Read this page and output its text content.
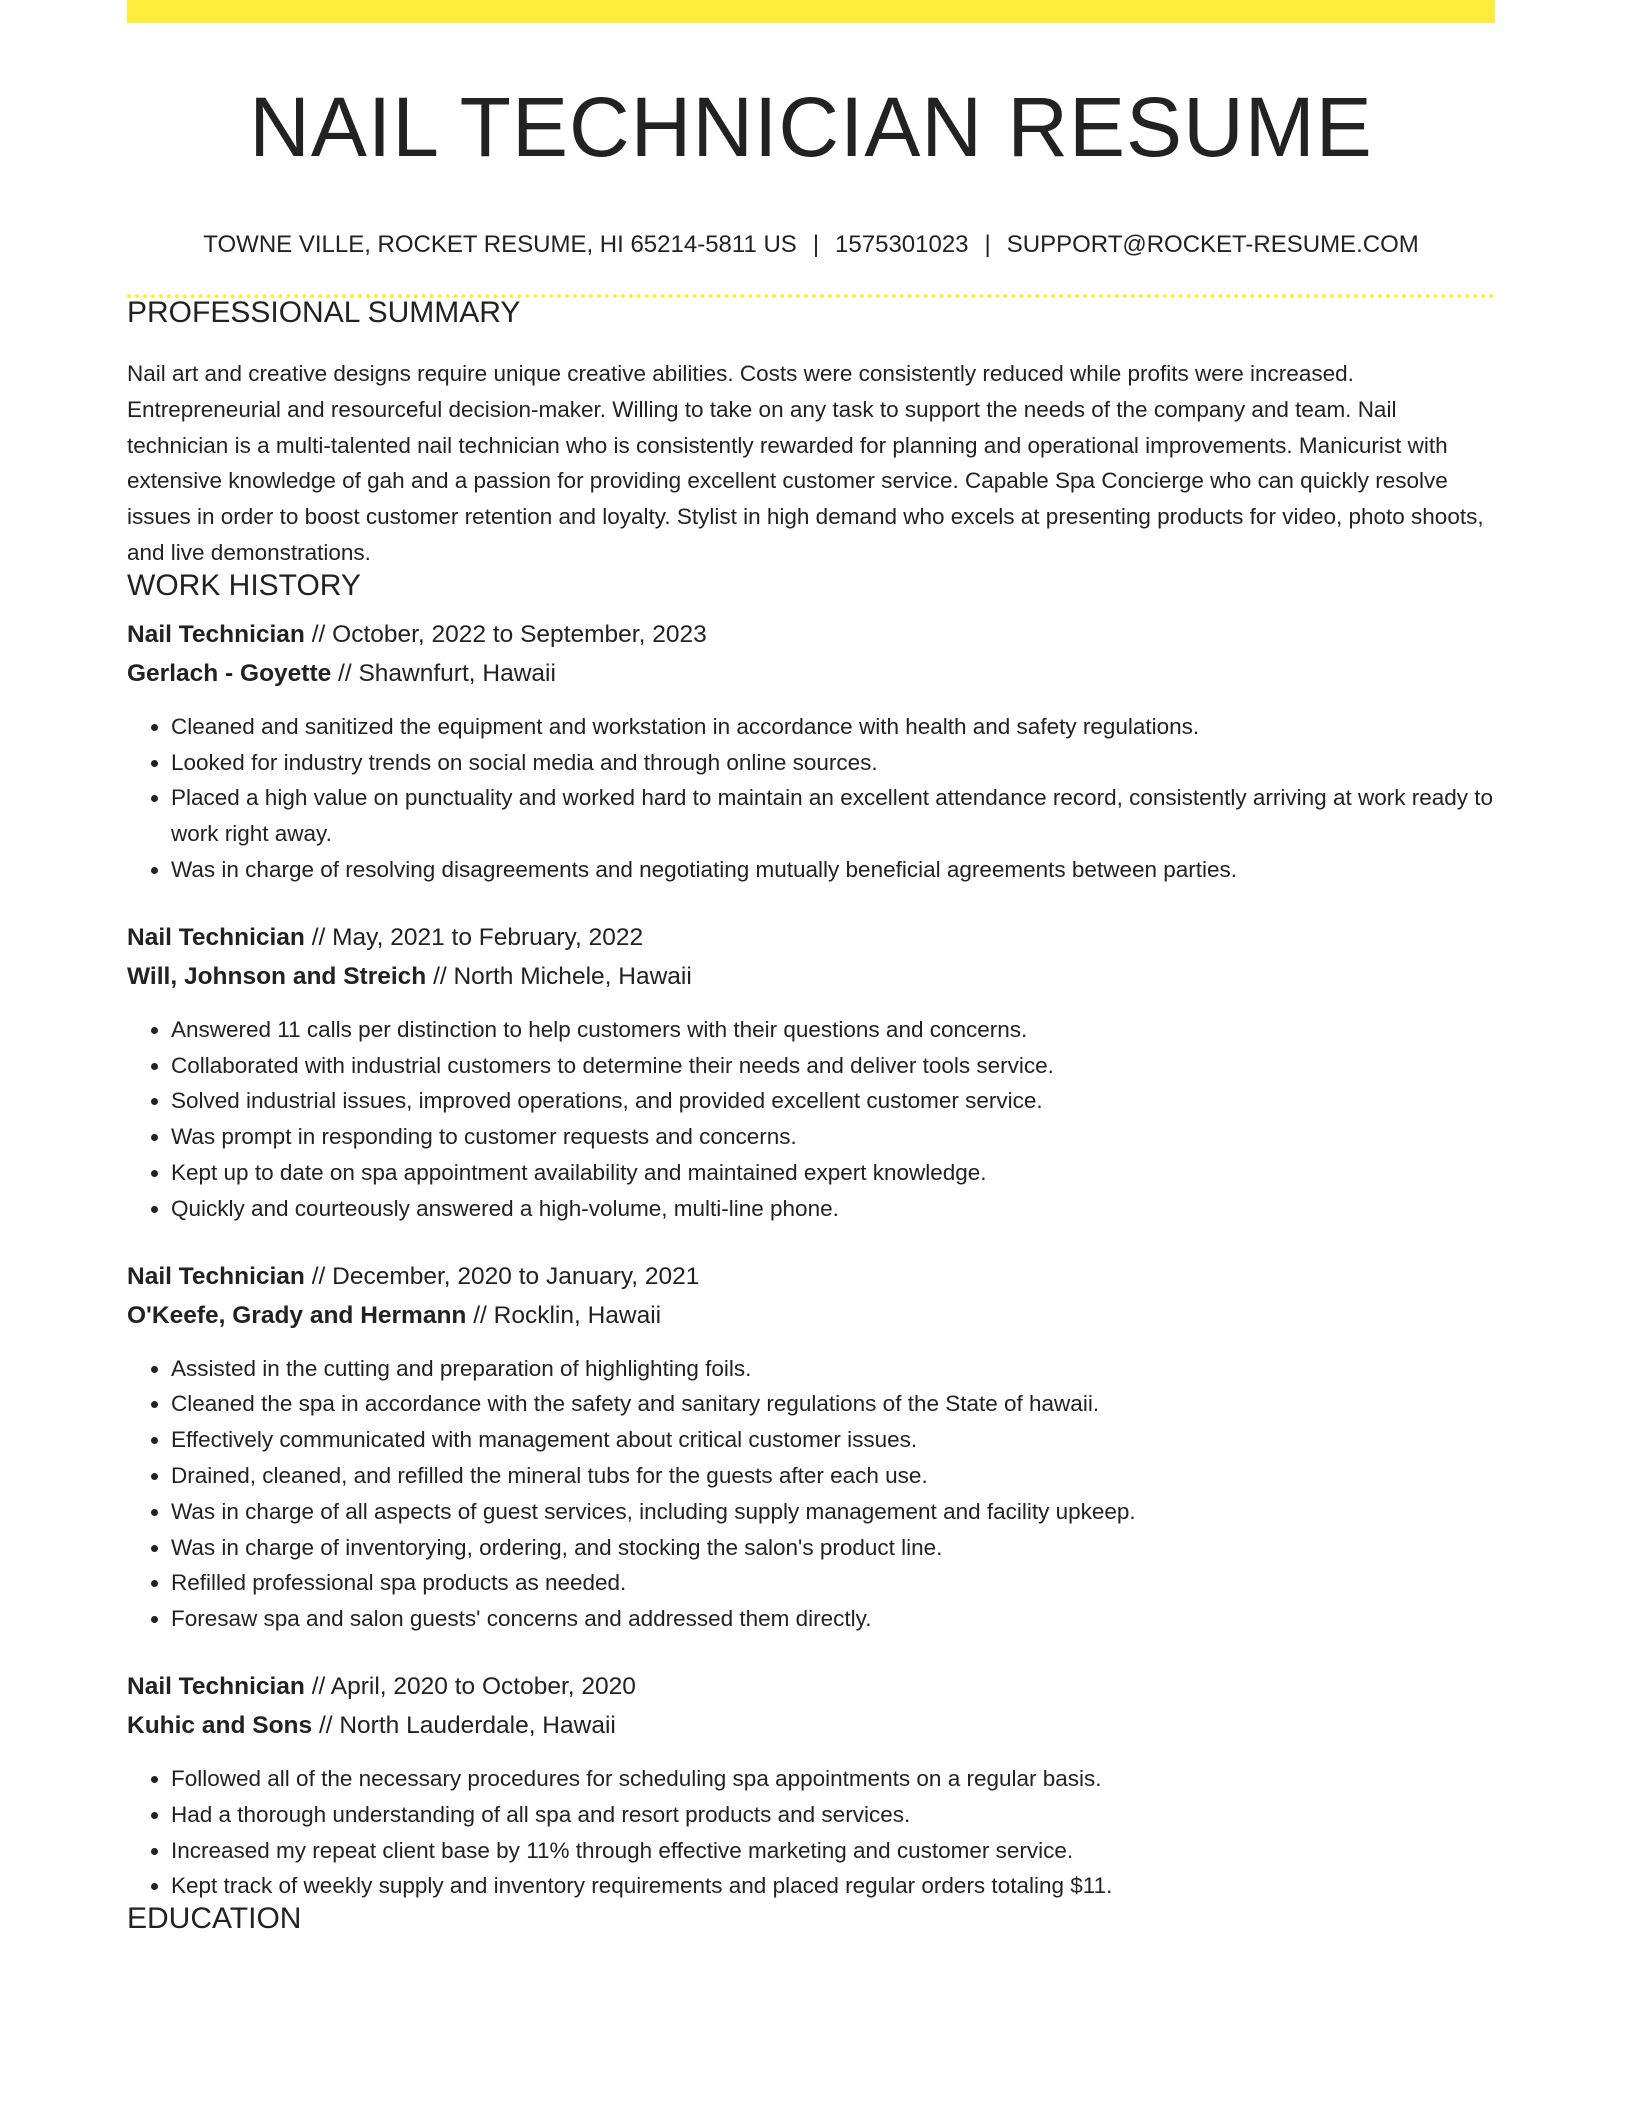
NAIL TECHNICIAN RESUME
TOWNE VILLE, ROCKET RESUME, HI 65214-5811 US | 1575301023 | SUPPORT@ROCKET-RESUME.COM
PROFESSIONAL SUMMARY

Nail art and creative designs require unique creative abilities. Costs were consistently reduced while profits were increased. Entrepreneurial and resourceful decision-maker. Willing to take on any task to support the needs of the company and team. Nail technician is a multi-talented nail technician who is consistently rewarded for planning and operational improvements. Manicurist with extensive knowledge of gah and a passion for providing excellent customer service. Capable Spa Concierge who can quickly resolve issues in order to boost customer retention and loyalty. Stylist in high demand who excels at presenting products for video, photo shoots, and live demonstrations.

WORK HISTORY
Nail Technician // October, 2022 to September, 2023
Gerlach - Goyette // Shawnfurt, Hawaii
• Cleaned and sanitized the equipment and workstation in accordance with health and safety regulations.
• Looked for industry trends on social media and through online sources.
• Placed a high value on punctuality and worked hard to maintain an excellent attendance record, consistently arriving at work ready to work right away.
• Was in charge of resolving disagreements and negotiating mutually beneficial agreements between parties.
Nail Technician // May, 2021 to February, 2022
Will, Johnson and Streich // North Michele, Hawaii
• Answered 11 calls per distinction to help customers with their questions and concerns.
• Collaborated with industrial customers to determine their needs and deliver tools service.
• Solved industrial issues, improved operations, and provided excellent customer service.
• Was prompt in responding to customer requests and concerns.
• Kept up to date on spa appointment availability and maintained expert knowledge.
• Quickly and courteously answered a high-volume, multi-line phone.
Nail Technician // December, 2020 to January, 2021
O'Keefe, Grady and Hermann // Rocklin, Hawaii
• Assisted in the cutting and preparation of highlighting foils.
• Cleaned the spa in accordance with the safety and sanitary regulations of the State of hawaii.
• Effectively communicated with management about critical customer issues.
• Drained, cleaned, and refilled the mineral tubs for the guests after each use.
• Was in charge of all aspects of guest services, including supply management and facility upkeep.
• Was in charge of inventorying, ordering, and stocking the salon's product line.
• Refilled professional spa products as needed.
• Foresaw spa and salon guests' concerns and addressed them directly.
Nail Technician // April, 2020 to October, 2020
Kuhic and Sons // North Lauderdale, Hawaii
• Followed all of the necessary procedures for scheduling spa appointments on a regular basis.
• Had a thorough understanding of all spa and resort products and services.
• Increased my repeat client base by 11% through effective marketing and customer service.
• Kept track of weekly supply and inventory requirements and placed regular orders totaling $11.
EDUCATION
